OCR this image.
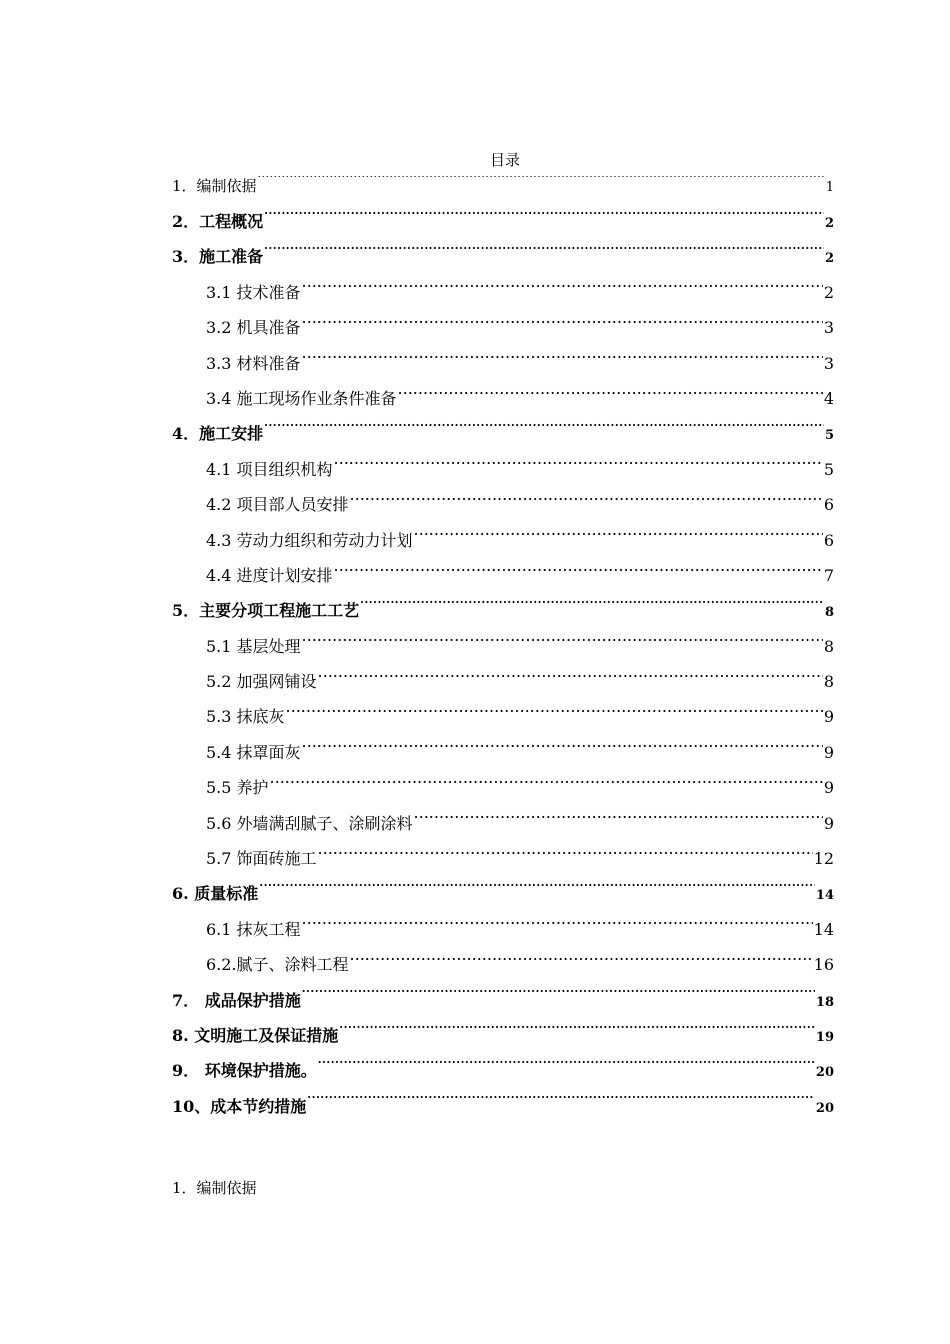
目录
1．编制依据 .....	1
2．工程概况 .....	2
3．施工准备 .....	2
3.1 技术准备 .....	2
3.2 机具准备 .....	3
3.3 材料准备 .....	3
3.4 施工现场作业条件准备 .....	4
4．施工安排 .....	5
4.1 项目组织机构 .....	5
4.2 项目部人员安排 .....	6
4.3 劳动力组织和劳动力计划 .....	6
4.4 进度计划安排 .....	7
5．主要分项工程施工工艺 .....	8
5.1 基层处理 .....	8
5.2 加强网铺设 .....	8
5.3 抹底灰 .....	9
5.4 抹罩面灰 .....	9
5.5 养护 .....	9
5.6 外墙满刮腻子、涂刷涂料 .....	9
5.7 饰面砖施工 .....	12
6. 质量标准 .....	14
6.1 抹灰工程 .....	14
6.2.腻子、涂料工程 .....	16
7． 成品保护措施 .....	18
8. 文明施工及保证措施 .....	19
9． 环境保护措施。 .....	20
10、成本节约措施 .....	20
1．编制依据
